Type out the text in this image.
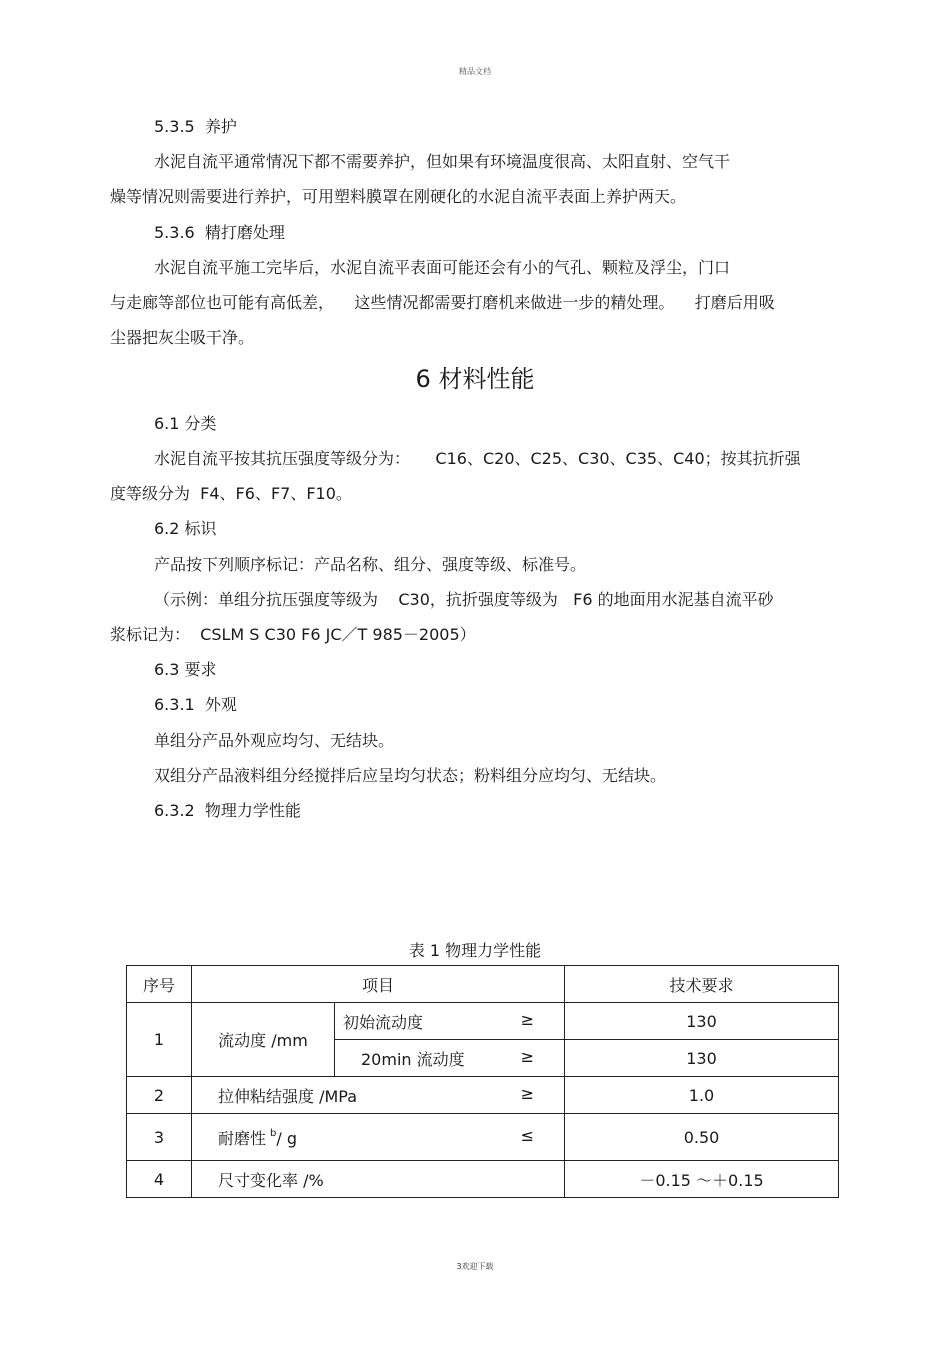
精品文档
5.3.5  养护
水泥自流平通常情况下都不需要养护，但如果有环境温度很高、太阳直射、空气干
燥等情况则需要进行养护，可用塑料膜罩在刚硬化的水泥自流平表面上养护两天。
5.3.6  精打磨处理
水泥自流平施工完毕后，水泥自流平表面可能还会有小的气孔、颗粒及浮尘，门口
与走廊等部位也可能有高低差，    这些情况都需要打磨机来做进一步的精处理。    打磨后用吸
尘器把灰尘吸干净。
6 材料性能
6.1 分类
水泥自流平按其抗压强度等级分为：     C16、C20、C25、C30、C35、C40；按其抗折强
度等级分为  F4、F6、F7、F10。
6.2 标识
产品按下列顺序标记：产品名称、组分、强度等级、标准号。
（示例：单组分抗压强度等级为    C30，抗折强度等级为   F6 的地面用水泥基自流平砂
浆标记为：  CSLM S C30 F6 JC／T 985－2005）
6.3 要求
6.3.1  外观
单组分产品外观应均匀、无结块。
双组分产品液料组分经搅拌后应呈均匀状态；粉料组分应均匀、无结块。
6.3.2  物理力学性能
表 1 物理力学性能
序号	项目		技术要求
1	流动度 /mm	初始流动度 ≥	130
		20min 流动度 ≥	130
2	拉伸粘结强度 /MPa ≥		1.0
3	耐磨性 $^b$/ g ≤		0.50
4	尺寸变化率 /%		－0.15 ～＋0.15
3欢迎下载
